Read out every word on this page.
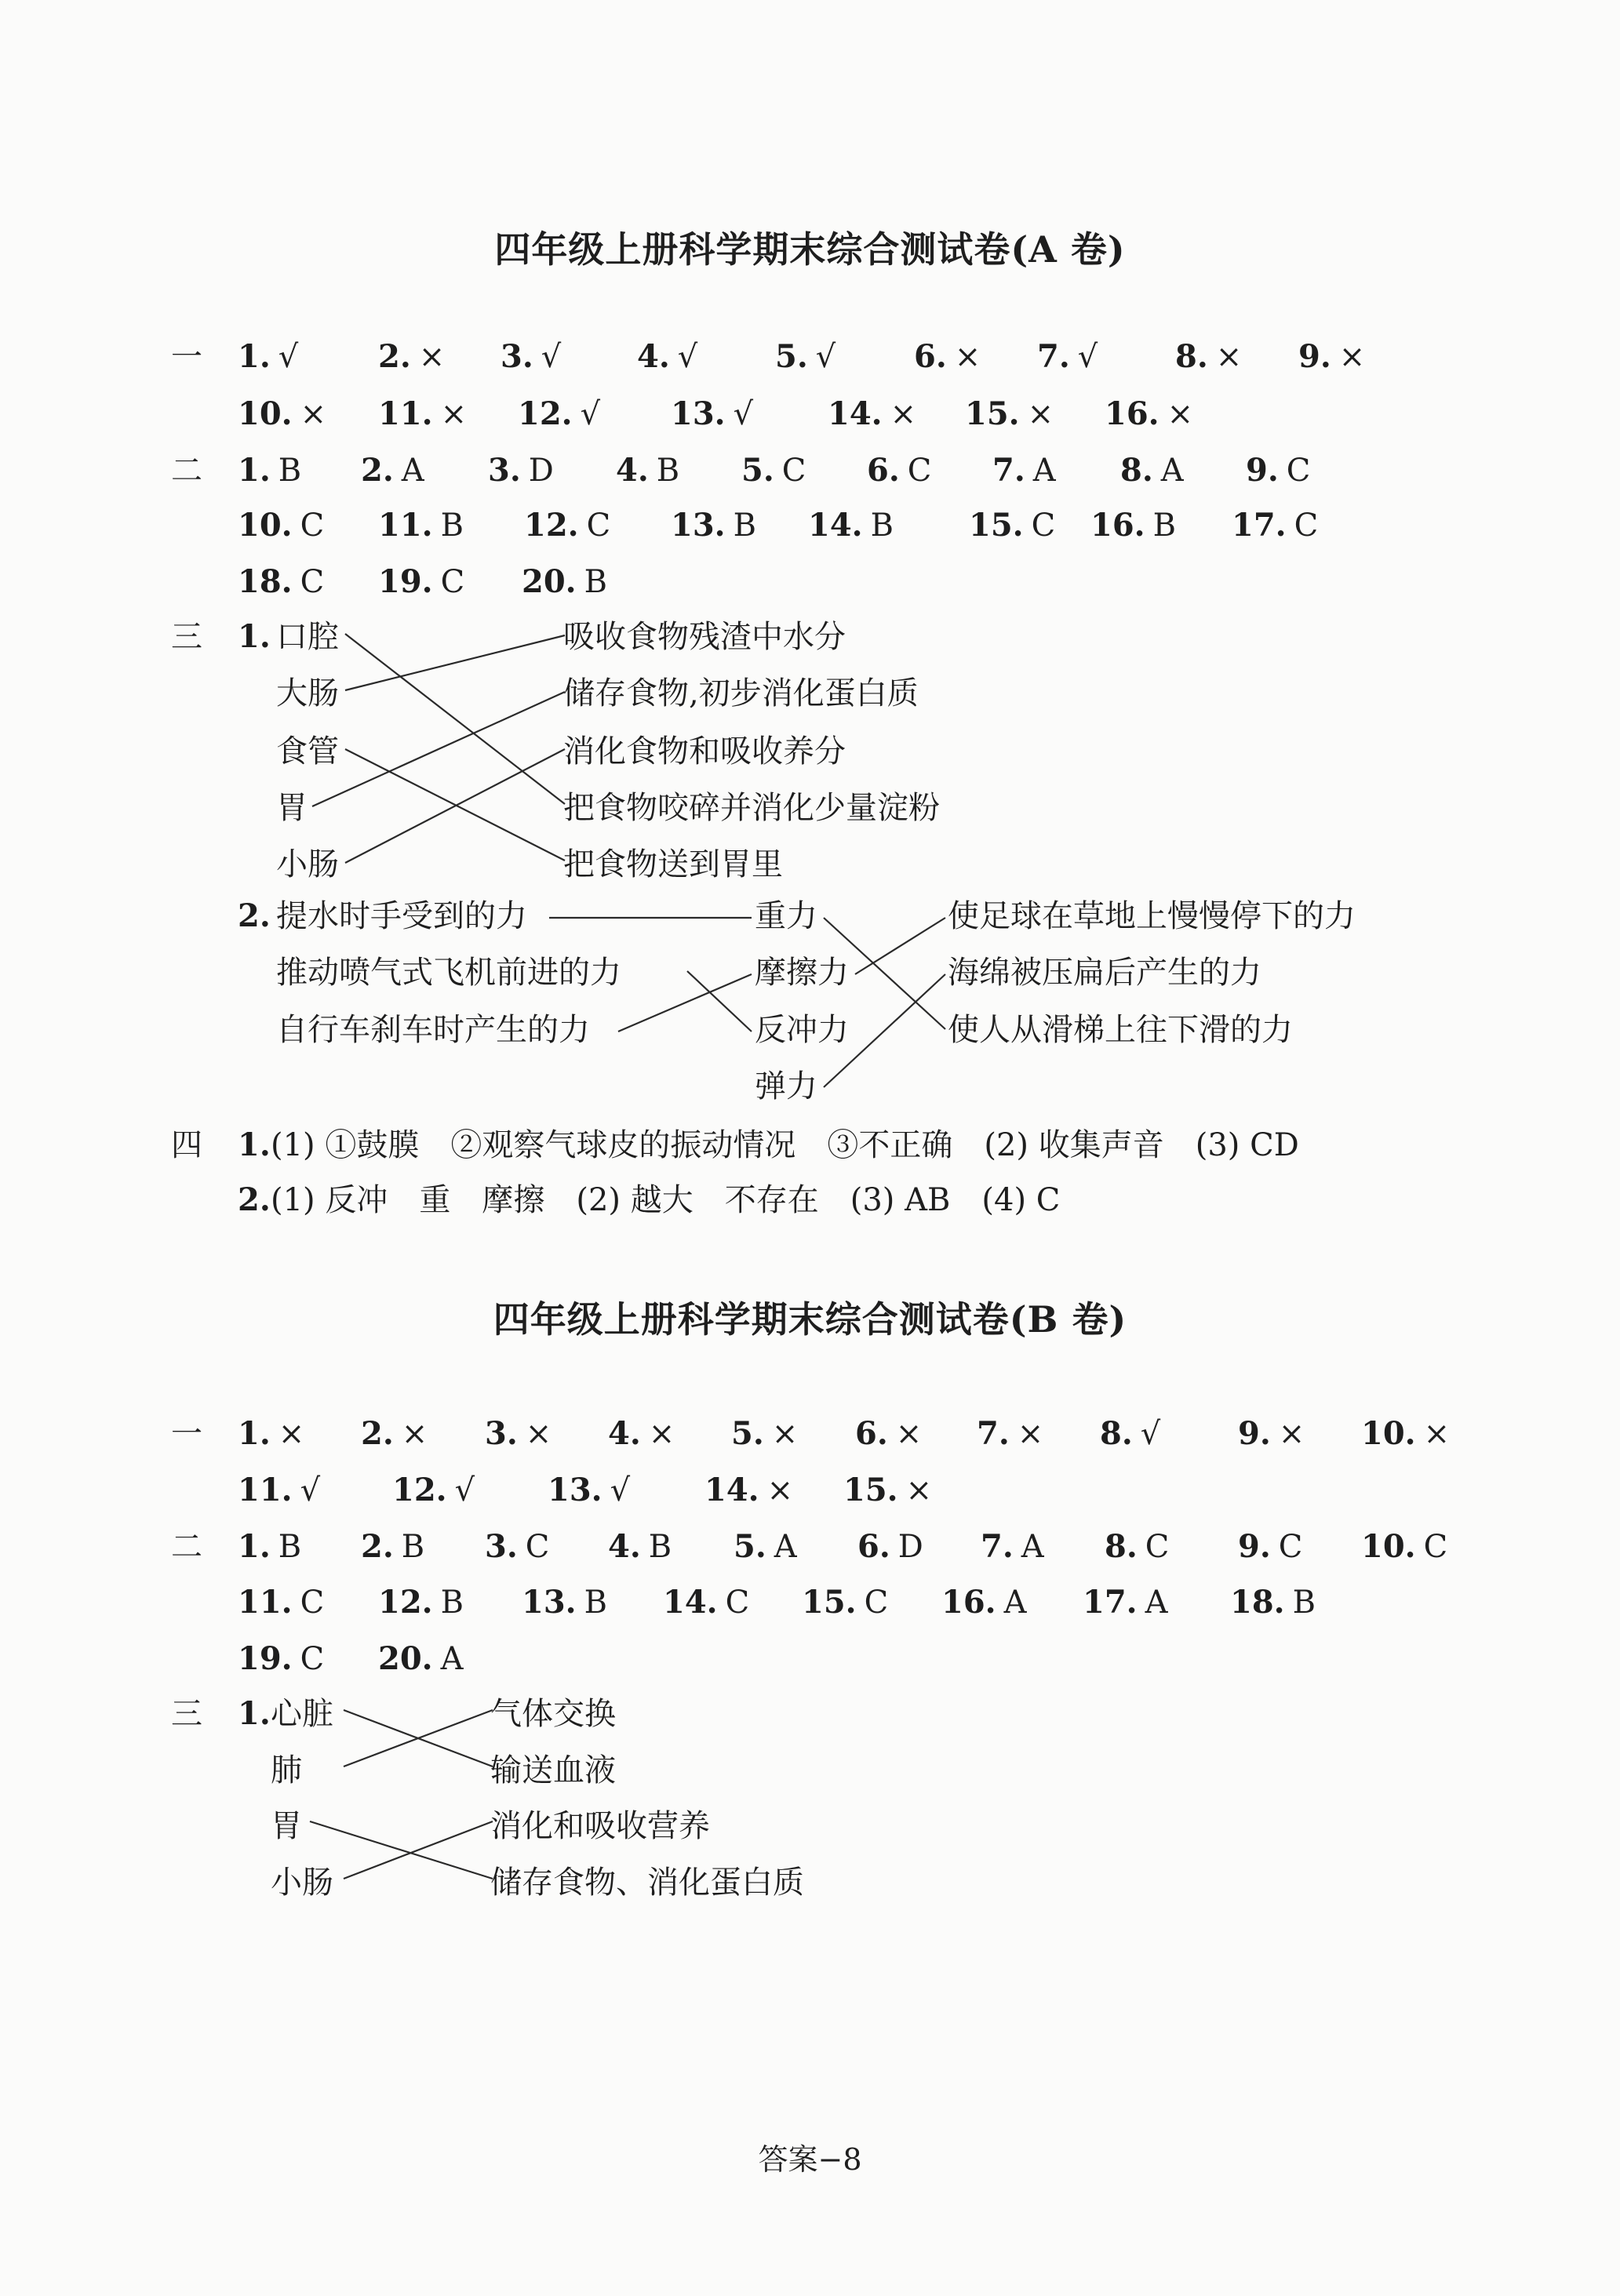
四年级上册科学期末综合测试卷(A 卷)
一 1. √	2. × 3. √ 4. √ 5. √ 6. × 7. √ 8. × 9. ×
10. × 11. × 12. √ 13. √ 14. × 15. × 16. ×
二 1. B 2. A 3. D 4. B 5. C 6. C 7. A 8. A 9. C
10. C 11. B 12. C 13. B 14. B 15. C 16. B 17. C
18. C 19. C 20. B
三 1. 口腔
大肠
食管
胃
小肠
吸收食物残渣中水分
储存食物,初步消化蛋白质
消化食物和吸收养分
把食物咬碎并消化少量淀粉
把食物送到胃里
2. 提水时手受到的力
推动喷气式飞机前进的力
自行车刹车时产生的力
重力
摩擦力
反冲力
弹力
使足球在草地上慢慢停下的力
海绵被压扁后产生的力
使人从滑梯上往下滑的力
四 1. (1) ①鼓膜　②观察气球皮的振动情况　③不正确　(2) 收集声音　(3) CD
2. (1) 反冲　重　摩擦　(2) 越大　不存在　(3) AB　(4) C
四年级上册科学期末综合测试卷(B 卷)
一 1. × 2. × 3. × 4. × 5. × 6. × 7. × 8. √ 9. × 10. ×
11. √ 12. √ 13. √ 14. × 15. ×
二 1. B 2. B 3. C 4. B 5. A 6. D 7. A 8. C 9. C 10. C
11. C 12. B 13. B 14. C 15. C 16. A 17. A 18. B
19. C 20. A
三 1. 心脏
肺
胃
小肠
气体交换
输送血液
消化和吸收营养
储存食物、消化蛋白质
答案−8
